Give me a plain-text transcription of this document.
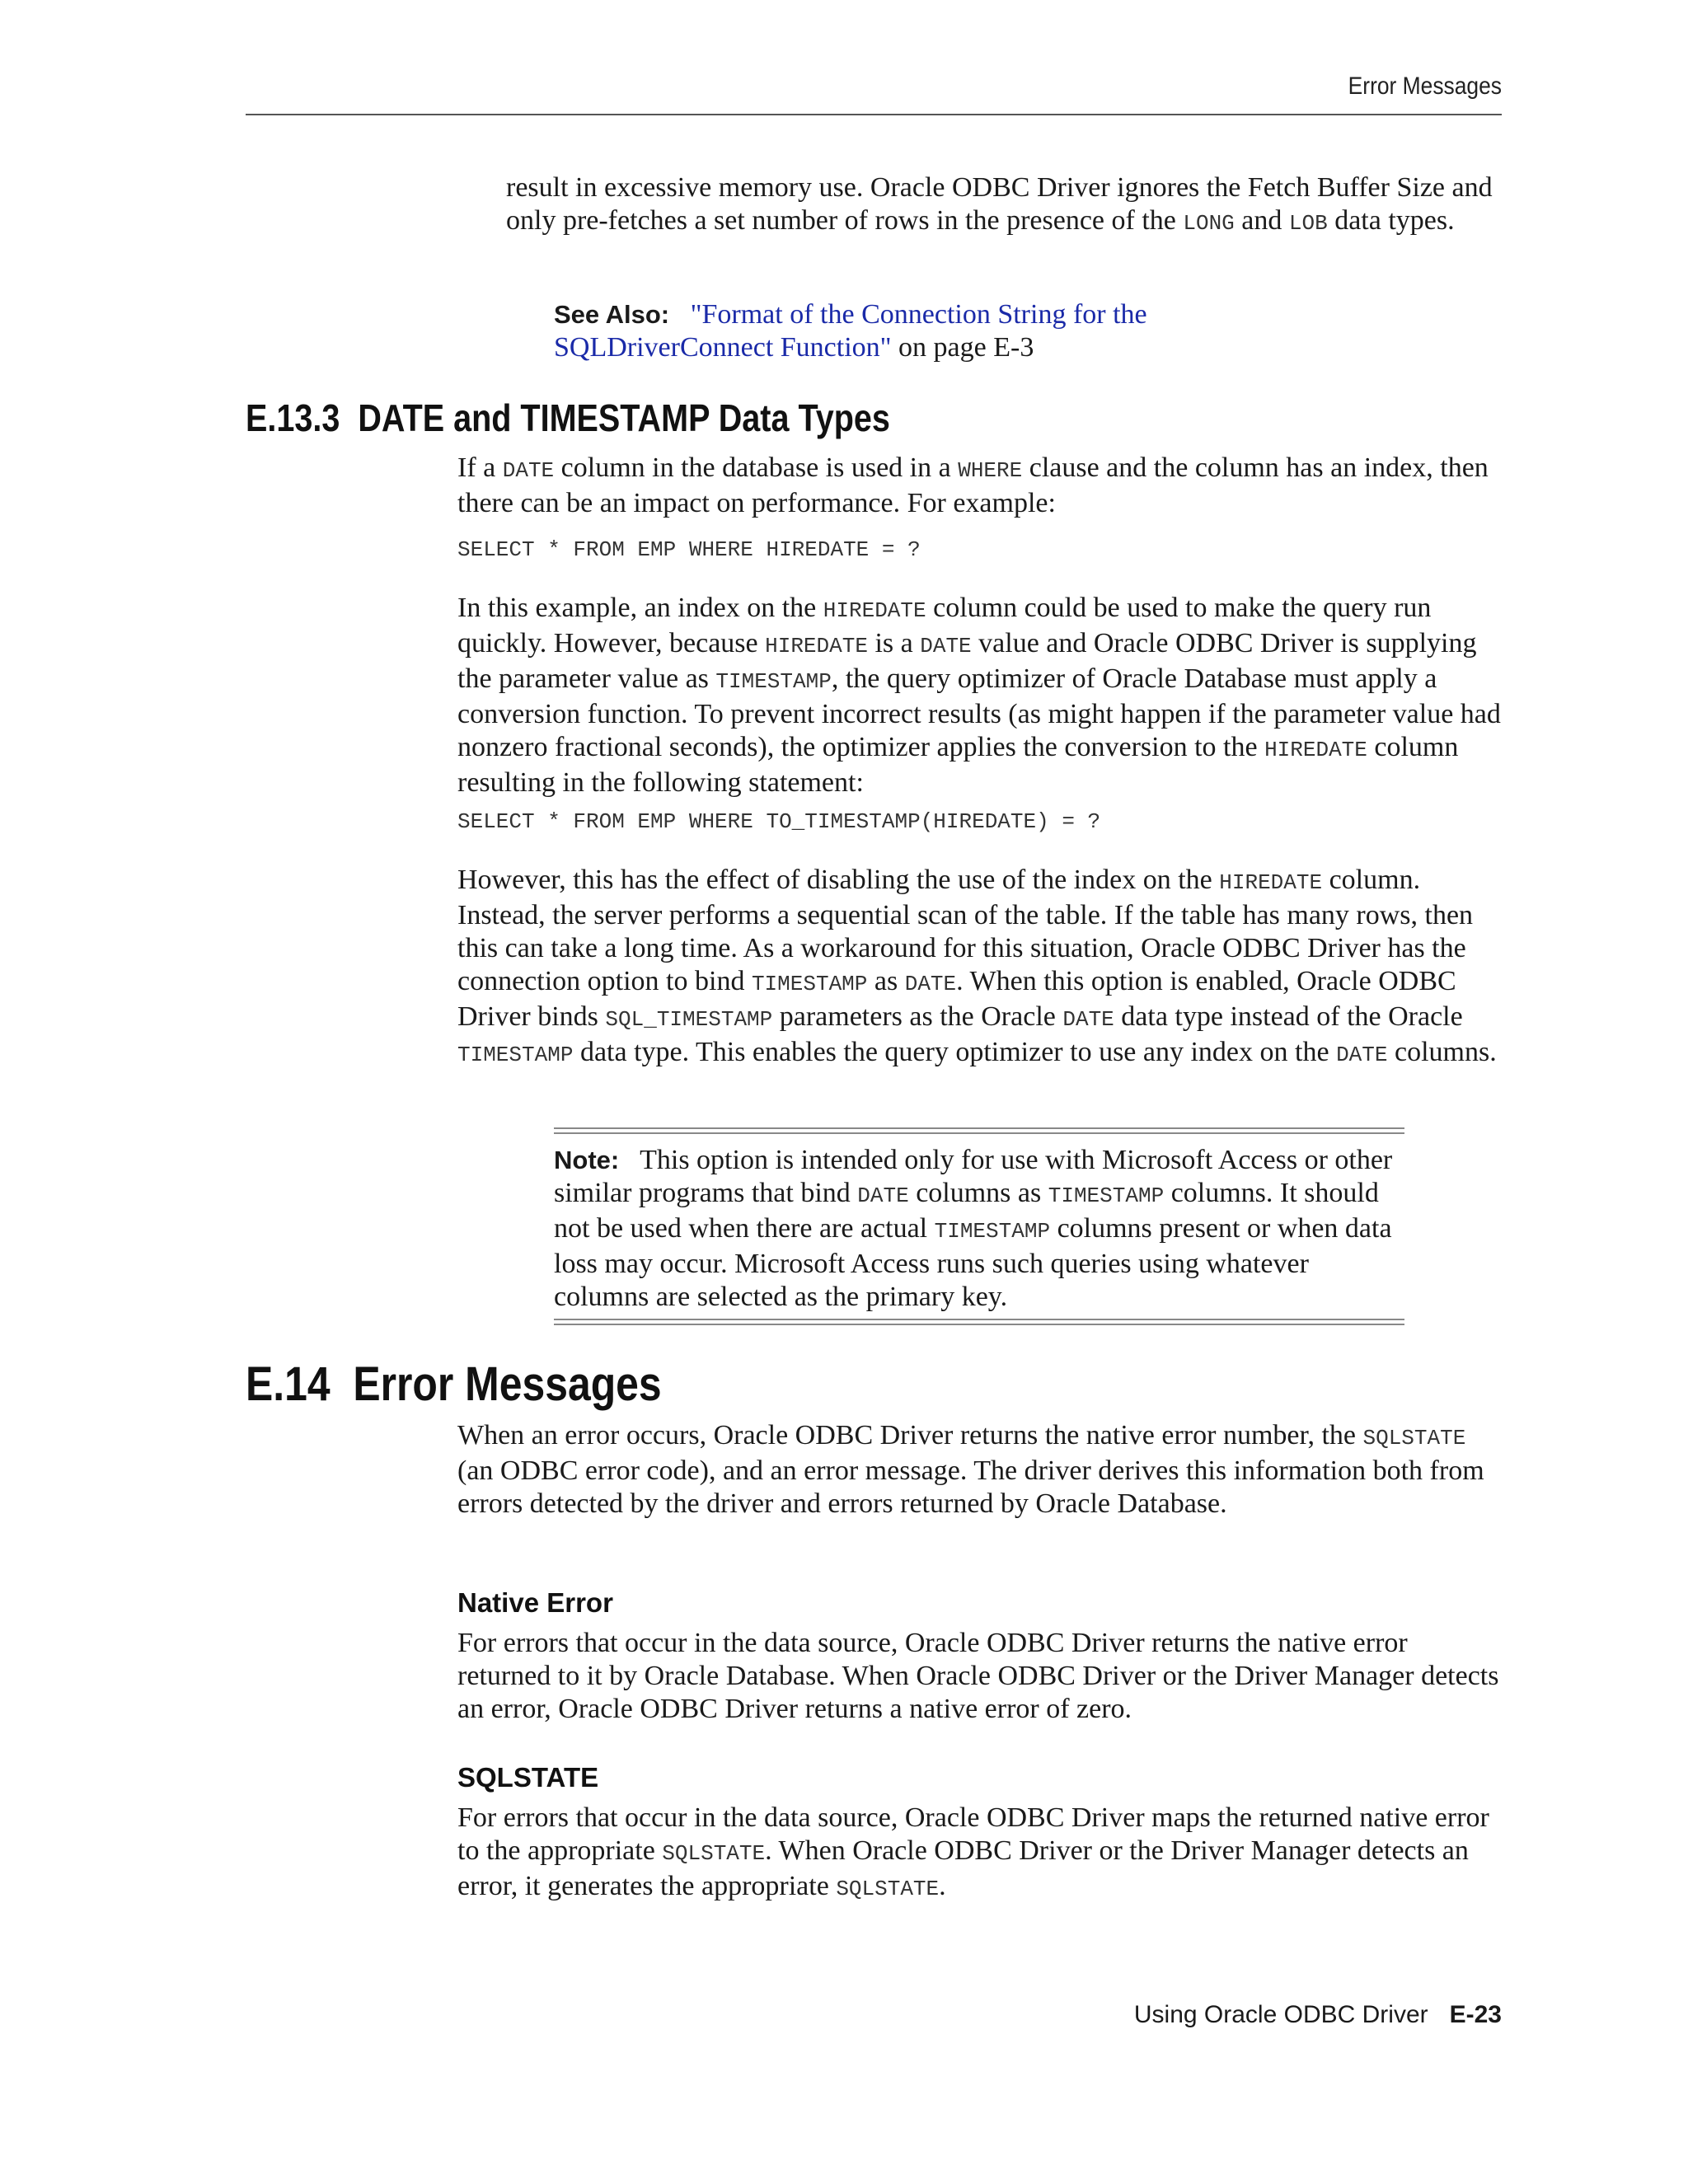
Error Messages

result in excessive memory use. Oracle ODBC Driver ignores the Fetch Buffer Size and only pre-fetches a set number of rows in the presence of the LONG and LOB data types.

See Also: "Format of the Connection String for the SQLDriverConnect Function" on page E-3

E.13.3 DATE and TIMESTAMP Data Types

If a DATE column in the database is used in a WHERE clause and the column has an index, then there can be an impact on performance. For example:

SELECT * FROM EMP WHERE HIREDATE = ?

In this example, an index on the HIREDATE column could be used to make the query run quickly. However, because HIREDATE is a DATE value and Oracle ODBC Driver is supplying the parameter value as TIMESTAMP, the query optimizer of Oracle Database must apply a conversion function. To prevent incorrect results (as might happen if the parameter value had nonzero fractional seconds), the optimizer applies the conversion to the HIREDATE column resulting in the following statement:

SELECT * FROM EMP WHERE TO_TIMESTAMP(HIREDATE) = ?

However, this has the effect of disabling the use of the index on the HIREDATE column. Instead, the server performs a sequential scan of the table. If the table has many rows, then this can take a long time. As a workaround for this situation, Oracle ODBC Driver has the connection option to bind TIMESTAMP as DATE. When this option is enabled, Oracle ODBC Driver binds SQL_TIMESTAMP parameters as the Oracle DATE data type instead of the Oracle TIMESTAMP data type. This enables the query optimizer to use any index on the DATE columns.

Note: This option is intended only for use with Microsoft Access or other similar programs that bind DATE columns as TIMESTAMP columns. It should not be used when there are actual TIMESTAMP columns present or when data loss may occur. Microsoft Access runs such queries using whatever columns are selected as the primary key.

E.14 Error Messages

When an error occurs, Oracle ODBC Driver returns the native error number, the SQLSTATE (an ODBC error code), and an error message. The driver derives this information both from errors detected by the driver and errors returned by Oracle Database.

Native Error

For errors that occur in the data source, Oracle ODBC Driver returns the native error returned to it by Oracle Database. When Oracle ODBC Driver or the Driver Manager detects an error, Oracle ODBC Driver returns a native error of zero.

SQLSTATE

For errors that occur in the data source, Oracle ODBC Driver maps the returned native error to the appropriate SQLSTATE. When Oracle ODBC Driver or the Driver Manager detects an error, it generates the appropriate SQLSTATE.

Using Oracle ODBC Driver E-23
